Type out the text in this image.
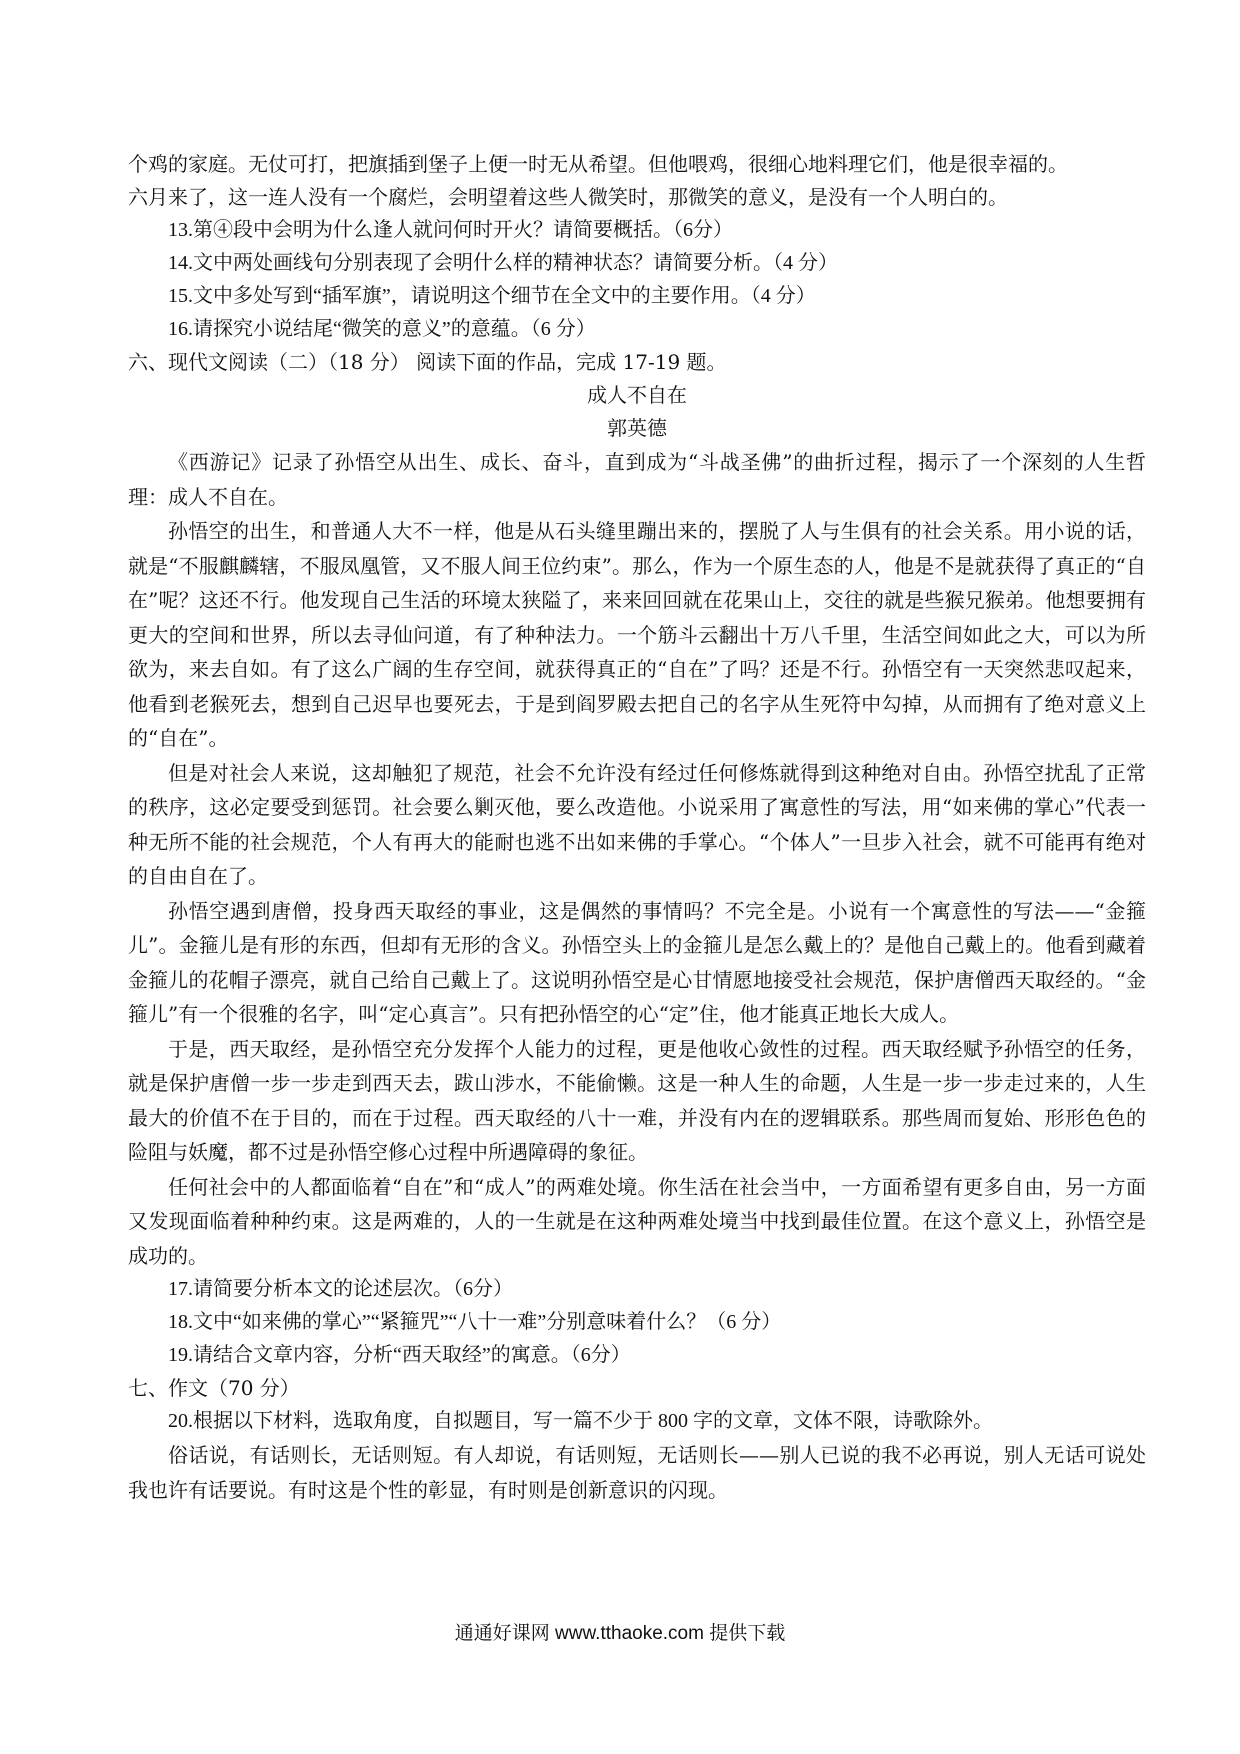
个鸡的家庭。无仗可打，把旗插到堡子上便一时无从希望。但他喂鸡，很细心地料理它们，他是很幸福的。
六月来了，这一连人没有一个腐烂，会明望着这些人微笑时，那微笑的意义，是没有一个人明白的。
13.第④段中会明为什么逢人就问何时开火？请简要概括。（6分）
14.文中两处画线句分别表现了会明什么样的精神状态？请简要分析。（4 分）
15.文中多处写到“插军旗”，请说明这个细节在全文中的主要作用。（4 分）
16.请探究小说结尾“微笑的意义”的意蕴。（6 分）
六、现代文阅读（二）（18 分） 阅读下面的作品，完成 17-19 题。
成人不自在
郭英德
《西游记》记录了孙悟空从出生、成长、奋斗，直到成为“斗战圣佛”的曲折过程，揭示了一个深刻的人生哲理：成人不自在。
孙悟空的出生，和普通人大不一样，他是从石头缝里蹦出来的，摆脱了人与生俱有的社会关系。用小说的话，就是“不服麒麟辖，不服凤凰管，又不服人间王位约束”。那么，作为一个原生态的人，他是不是就获得了真正的“自在”呢？这还不行。他发现自己生活的环境太狭隘了，来来回回就在花果山上，交往的就是些猴兄猴弟。他想要拥有更大的空间和世界，所以去寻仙问道，有了种种法力。一个筋斗云翻出十万八千里，生活空间如此之大，可以为所欲为，来去自如。有了这么广阔的生存空间，就获得真正的“自在”了吗？还是不行。孙悟空有一天突然悲叹起来，他看到老猴死去，想到自己迟早也要死去，于是到阎罗殿去把自己的名字从生死符中勾掉，从而拥有了绝对意义上的“自在”。
但是对社会人来说，这却触犯了规范，社会不允许没有经过任何修炼就得到这种绝对自由。孙悟空扰乱了正常的秩序，这必定要受到惩罚。社会要么剿灭他，要么改造他。小说采用了寓意性的写法，用“如来佛的掌心”代表一种无所不能的社会规范，个人有再大的能耐也逃不出如来佛的手掌心。“个体人”一旦步入社会，就不可能再有绝对的自由自在了。
孙悟空遇到唐僧，投身西天取经的事业，这是偶然的事情吗？不完全是。小说有一个寓意性的写法——“金箍儿”。金箍儿是有形的东西，但却有无形的含义。孙悟空头上的金箍儿是怎么戴上的？是他自己戴上的。他看到藏着金箍儿的花帽子漂亮，就自己给自己戴上了。这说明孙悟空是心甘情愿地接受社会规范，保护唐僧西天取经的。“金箍儿”有一个很雅的名字，叫“定心真言”。只有把孙悟空的心“定”住，他才能真正地长大成人。
于是，西天取经，是孙悟空充分发挥个人能力的过程，更是他收心敛性的过程。西天取经赋予孙悟空的任务，就是保护唐僧一步一步走到西天去，跋山涉水，不能偷懒。这是一种人生的命题，人生是一步一步走过来的，人生最大的价值不在于目的，而在于过程。西天取经的八十一难，并没有内在的逻辑联系。那些周而复始、形形色色的险阻与妖魔，都不过是孙悟空修心过程中所遇障碍的象征。
任何社会中的人都面临着“自在”和“成人”的两难处境。你生活在社会当中，一方面希望有更多自由，另一方面又发现面临着种种约束。这是两难的，人的一生就是在这种两难处境当中找到最佳位置。在这个意义上，孙悟空是成功的。
17.请简要分析本文的论述层次。（6分）
18.文中“如来佛的掌心”“紧箍咒”“八十一难”分别意味着什么？（6 分）
19.请结合文章内容，分析“西天取经”的寓意。（6分）
七、作文（70 分）
20.根据以下材料，选取角度，自拟题目，写一篇不少于 800 字的文章，文体不限，诗歌除外。
俗话说，有话则长，无话则短。有人却说，有话则短，无话则长——别人已说的我不必再说，别人无话可说处我也许有话要说。有时这是个性的彰显，有时则是创新意识的闪现。
通通好课网 www.tthaoke.com 提供下载
